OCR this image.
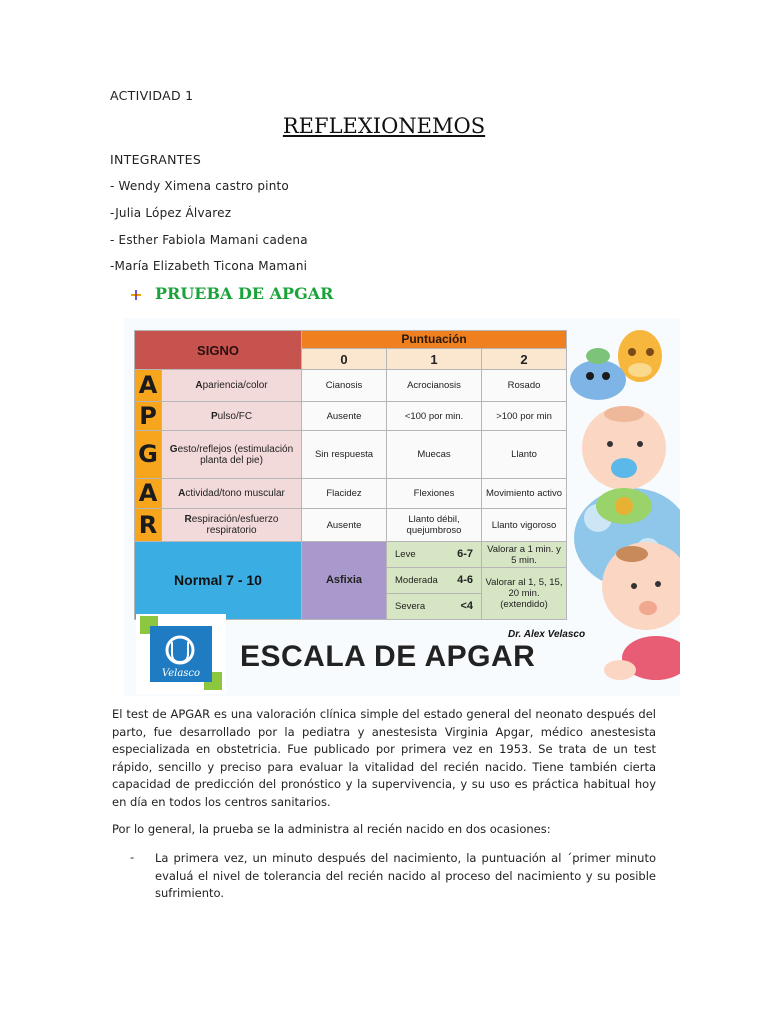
ACTIVIDAD 1
REFLEXIONEMOS
INTEGRANTES
- Wendy Ximena castro pinto
-Julia López Álvarez
- Esther Fabiola Mamani cadena
-María Elizabeth Ticona Mamani
PRUEBA DE APGAR
SIGNO		Puntuación		
		0	1	2
A	Apariencia/color	Cianosis	Acrocianosis	Rosado
P	Pulso/FC	Ausente	<100 por min.	>100 por min
G	Gesto/reflejos (estimulación planta del pie)	Sin respuesta	Muecas	Llanto
A	Actividad/tono muscular	Flacidez	Flexiones	Movimiento activo
R	Respiración/esfuerzo respiratorio	Ausente	Llanto débil, quejumbroso	Llanto vigoroso
Normal 7 - 10		Asfixia	Leve 6-7	Valorar a 1 min. y 5 min.

			Moderada 4-6	Valorar al 1, 5, 15, 20 min. (extendido)

			Severa <4	
Dr. Alex Velasco
Velasco
ESCALA DE APGAR
El test de APGAR es una valoración clínica simple del estado general del neonato después del parto, fue desarrollado por la pediatra y anestesista Virginia Apgar, médico anestesista especializada en obstetricia. Fue publicado por primera vez en 1953. Se trata de un test rápido, sencillo y preciso para evaluar la vitalidad del recién nacido. Tiene también cierta capacidad de predicción del pronóstico y la supervivencia, y su uso es práctica habitual hoy en día en todos los centros sanitarios.
Por lo general, la prueba se la administra al recién nacido en dos ocasiones:
- La primera vez, un minuto después del nacimiento, la puntuación al ´primer minuto evaluá el nivel de tolerancia del recién nacido al proceso del nacimiento y su posible sufrimiento.
